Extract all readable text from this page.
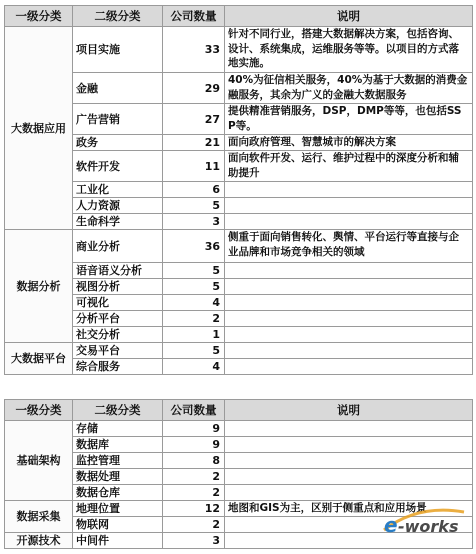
一级分类	二级分类	公司数量	说明
大数据应用	项目实施	33	针对不同行业，搭建大数据解决方案，包括咨询、设计、系统集成，运维服务等等。以项目的方式落地实施。
	金融	29	40%为征信相关服务，40%为基于大数据的消费金融服务，其余为广义的金融大数据服务
	广告营销	27	提供精准营销服务，DSP，DMP等等，也包括SSP等。
	政务	21	面向政府管理、智慧城市的解决方案
	软件开发	11	面向软件开发、运行、维护过程中的深度分析和辅助提升
	工业化	6	
	人力资源	5	
	生命科学	3	
数据分析	商业分析	36	侧重于面向销售转化、舆情、平台运行等直接与企业品牌和市场竞争相关的领域
	语音语义分析	5	
	视图分析	5	
	可视化	4	
	分析平台	2	
	社交分析	1	
大数据平台	交易平台	5	
	综合服务	4	
一级分类	二级分类	公司数量	说明
基础架构	存储	9	
	数据库	9	
	监控管理	8	
	数据处理	2	
	数据仓库	2	
数据采集	地理位置	12	地图和GIS为主，区别于侧重点和应用场景
	物联网	2	
开源技术	中间件	3	
e -works
